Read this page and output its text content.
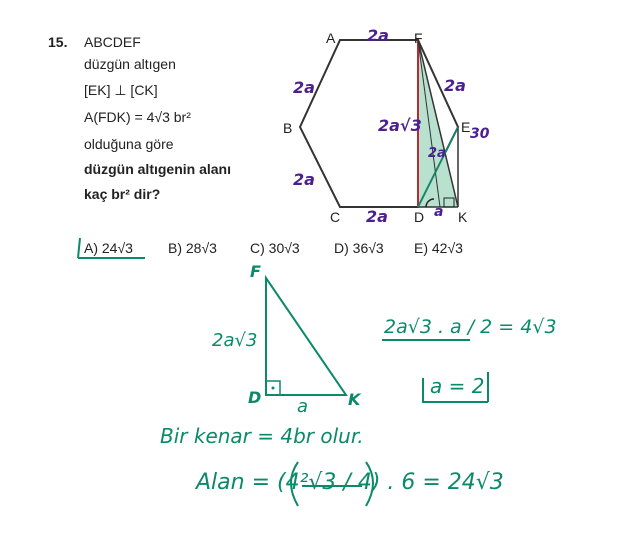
15. ABCDEF
düzgün altıgen
[EK] ⊥ [CK]
A(FDK) = 4√3 br²
olduğuna göre
düzgün altıgenin alanı
kaç br² dir?
A	F
B	E
C	D K
2a
2a	2a
2a
2a
2a√3
2a
a
30
A) 24√3	B) 28√3 C) 30√3 D) 36√3 E) 42√3
F
D	K
2a√3
a
2a√3 . a / 2 = 4√3
a = 2
Bir kenar = 4br olur.
Alan = (4²√3 / 4) . 6 = 24√3
